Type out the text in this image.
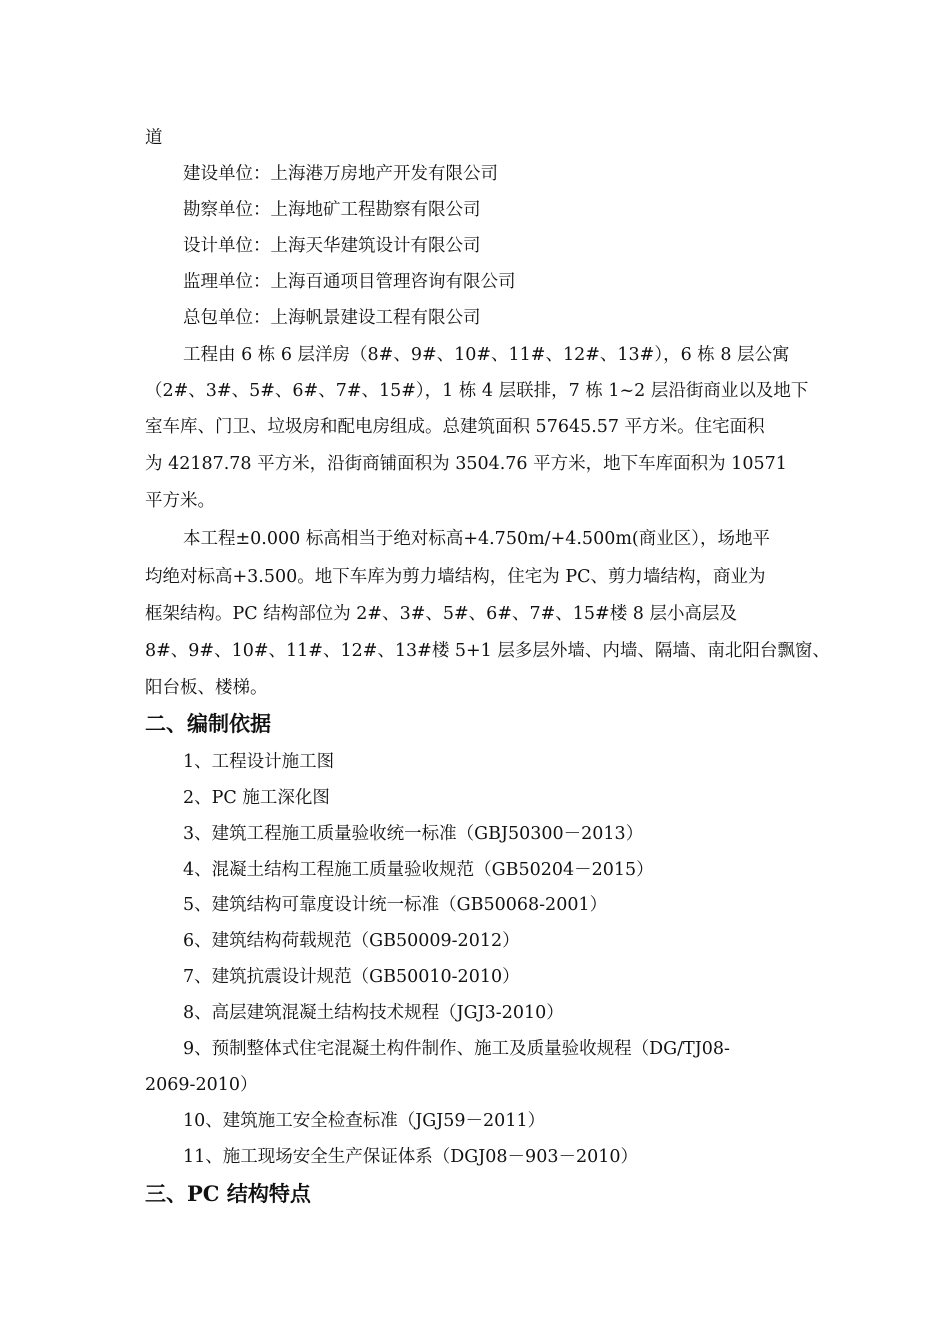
道
建设单位：上海港万房地产开发有限公司
勘察单位：上海地矿工程勘察有限公司
设计单位：上海天华建筑设计有限公司
监理单位：上海百通项目管理咨询有限公司
总包单位：上海帆景建设工程有限公司
工程由 6 栋 6 层洋房（8#、9#、10#、11#、12#、13#），6 栋 8 层公寓
（2#、3#、5#、6#、7#、15#），1 栋 4 层联排，7 栋 1~2 层沿街商业以及地下
室车库、门卫、垃圾房和配电房组成。总建筑面积 57645.57 平方米。住宅面积
为 42187.78 平方米，沿街商铺面积为 3504.76 平方米，地下车库面积为 10571
平方米。
本工程±0.000 标高相当于绝对标高+4.750m/+4.500m(商业区），场地平
均绝对标高+3.500。地下车库为剪力墙结构，住宅为 PC、剪力墙结构，商业为
框架结构。PC 结构部位为 2#、3#、5#、6#、7#、15#楼 8 层小高层及
8#、9#、10#、11#、12#、13#楼 5+1 层多层外墙、内墙、隔墙、南北阳台飘窗、
阳台板、楼梯。
二、编制依据
1、工程设计施工图
2、PC 施工深化图
3、建筑工程施工质量验收统一标准（GBJ50300－2013）
4、混凝土结构工程施工质量验收规范（GB50204－2015）
5、建筑结构可靠度设计统一标准（GB50068-2001）
6、建筑结构荷载规范（GB50009-2012）
7、建筑抗震设计规范（GB50010-2010）
8、高层建筑混凝土结构技术规程（JGJ3-2010）
9、预制整体式住宅混凝土构件制作、施工及质量验收规程（DG/TJ08-
2069-2010）
10、建筑施工安全检查标准（JGJ59－2011）
11、施工现场安全生产保证体系（DGJ08－903－2010）
三、PC 结构特点
